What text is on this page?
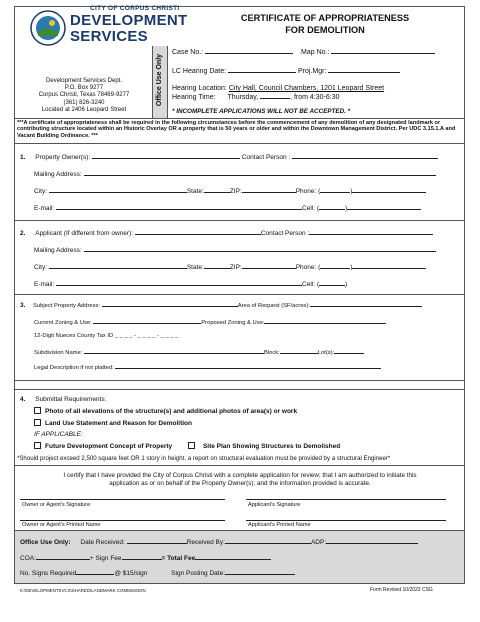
CITY OF CORPUS CHRISTI
DEVELOPMENT
SERVICES
Development Services Dept.
P.O. Box 9277
Corpus Christi, Texas 78469-9277
(361) 826-3240
Located at 2406 Leopard Street
Office Use Only
CERTIFICATE OF APPROPRIATENESS
FOR DEMOLITION
Case No.:	Map No.:
LC Hearing Date:	Proj.Mgr:
Hearing Location: City Hall, Council Chambers, 1201 Leopard Street
Hearing Time: Thursday,	, from 4:30-6:30
* INCOMPLETE APPLICATIONS WILL NOT BE ACCEPTED. *
***A certificate of appropriateness shall be required in the following circumstances before the commencement of any demolition of any designated landmark or contributing structure located within an Historic Overlay OR a property that is 50 years or older and within the Downtown Management District. Per UDC 3.15.1.A and Vacant Building Ordinance. ***
1. Property Owner(s):	Contact Person :
Mailing Address:
City:	State:	ZIP:	Phone: (	)
E-mail:	Cell: (	)
2. Applicant (If different from owner):	Contact Person :
Mailing Address:
City:	State:	ZIP:	Phone: (	)
E-mail:	Cell: (	)
3. Subject Property Address:	Area of Request (SF/acres):
Current Zoning & Use:	Proposed Zoning & Use:
12-Digit Nueces County Tax ID _ _ _ _ - _ _ _ _ - _ _ _ _
Subdivision Name:	Block:	Lot(s):
Legal Description if not platted:
4. Submittal Requirements:
Photo of all elevations of the structure(s) and additional photos of area(s) or work
Land Use Statement and Reason for Demolition
IF APPLICABLE:
Future Development Concept of Property	Site Plan Showing Structures to Demolished
*Should project exceed 2,500 square feet OR 1 story in height, a report on structural evaluation must be provided by a structural Engineer*
I certify that I have provided the City of Corpus Christi with a complete application for review; that I am authorized to initiate this
application as or on behalf of the Property Owner(s); and the information provided is accurate.
Owner or Agent's Signature	Applicant's Signature
Owner or Agent's Printed Name	Applicant's Printed Name
Office Use Only: Date Received:	Received By:	ADP:
COA:	+ Sign Fee	= Total Fee
No. Signs Required	@ $15/sign	Sign Posting Date:
K:\DEVELOPMENTSVCS\SHARED\LANDMARK COMMISSION	Form Revised 10/2023 CSG
